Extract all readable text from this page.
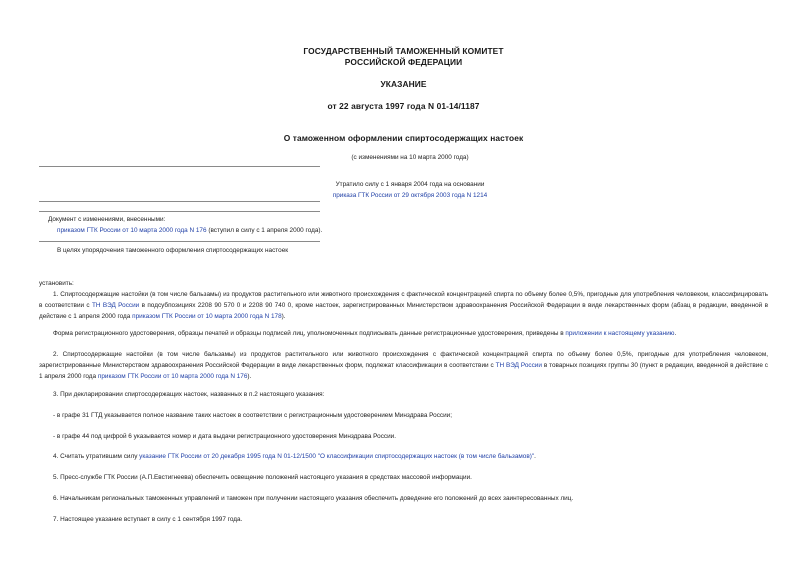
ГОСУДАРСТВЕННЫЙ ТАМОЖЕННЫЙ КОМИТЕТ
РОССИЙСКОЙ ФЕДЕРАЦИИ
УКАЗАНИЕ
от 22 августа 1997 года N 01-14/1187
О таможенном оформлении спиртосодержащих настоек
(с изменениями на 10 марта 2000 года)
Утратило силу с 1 января 2004 года на основании
приказа ГТК России от 29 октября 2003 года N 1214
Документ с изменениями, внесенными:
приказом ГТК России от 10 марта 2000 года N 176 (вступил в силу с 1 апреля 2000 года).
В целях упорядочения таможенного оформления спиртосодержащих настоек
установить:
1. Спиртосодержащие настойки (в том числе бальзамы) из продуктов растительного или животного происхождения с фактической концентрацией спирта по объему более 0,5%, пригодные для употребления человеком, классифицировать в соответствии с ТН ВЭД России в подсубпозициях 2208 90 570 0 и 2208 90 740 0, кроме настоек, зарегистрированных Министерством здравоохранения Российской Федерации в виде лекарственных форм (абзац в редакции, введенной в действие с 1 апреля 2000 года приказом ГТК России от 10 марта 2000 года N 178).
Форма регистрационного удостоверения, образцы печатей и образцы подписей лиц, уполномоченных подписывать данные регистрационные удостоверения, приведены в приложении к настоящему указанию.
2. Спиртосодержащие настойки (в том числе бальзамы) из продуктов растительного или животного происхождения с фактической концентрацией спирта по объему более 0,5%, пригодные для употребления человеком, зарегистрированные Министерством здравоохранения Российской Федерации в виде лекарственных форм, подлежат классификации в соответствии с ТН ВЭД России в товарных позициях группы 30 (пункт в редакции, введенной в действие с 1 апреля 2000 года приказом ГТК России от 10 марта 2000 года N 176).
3. При декларировании спиртосодержащих настоек, названных в п.2 настоящего указания:
- в графе 31 ГТД указывается полное название таких настоек в соответствии с регистрационным удостоверением Минздрава России;
- в графе 44 под цифрой 6 указывается номер и дата выдачи регистрационного удостоверения Минздрава России.
4. Считать утратившим силу указание ГТК России от 20 декабря 1995 года N 01-12/1500 "О классификации спиртосодержащих настоек (в том числе бальзамов)".
5. Пресс-службе ГТК России (А.П.Евстигнеева) обеспечить освещение положений настоящего указания в средствах массовой информации.
6. Начальникам региональных таможенных управлений и таможен при получении настоящего указания обеспечить доведение его положений до всех заинтересованных лиц.
7. Настоящее указание вступает в силу с 1 сентября 1997 года.
